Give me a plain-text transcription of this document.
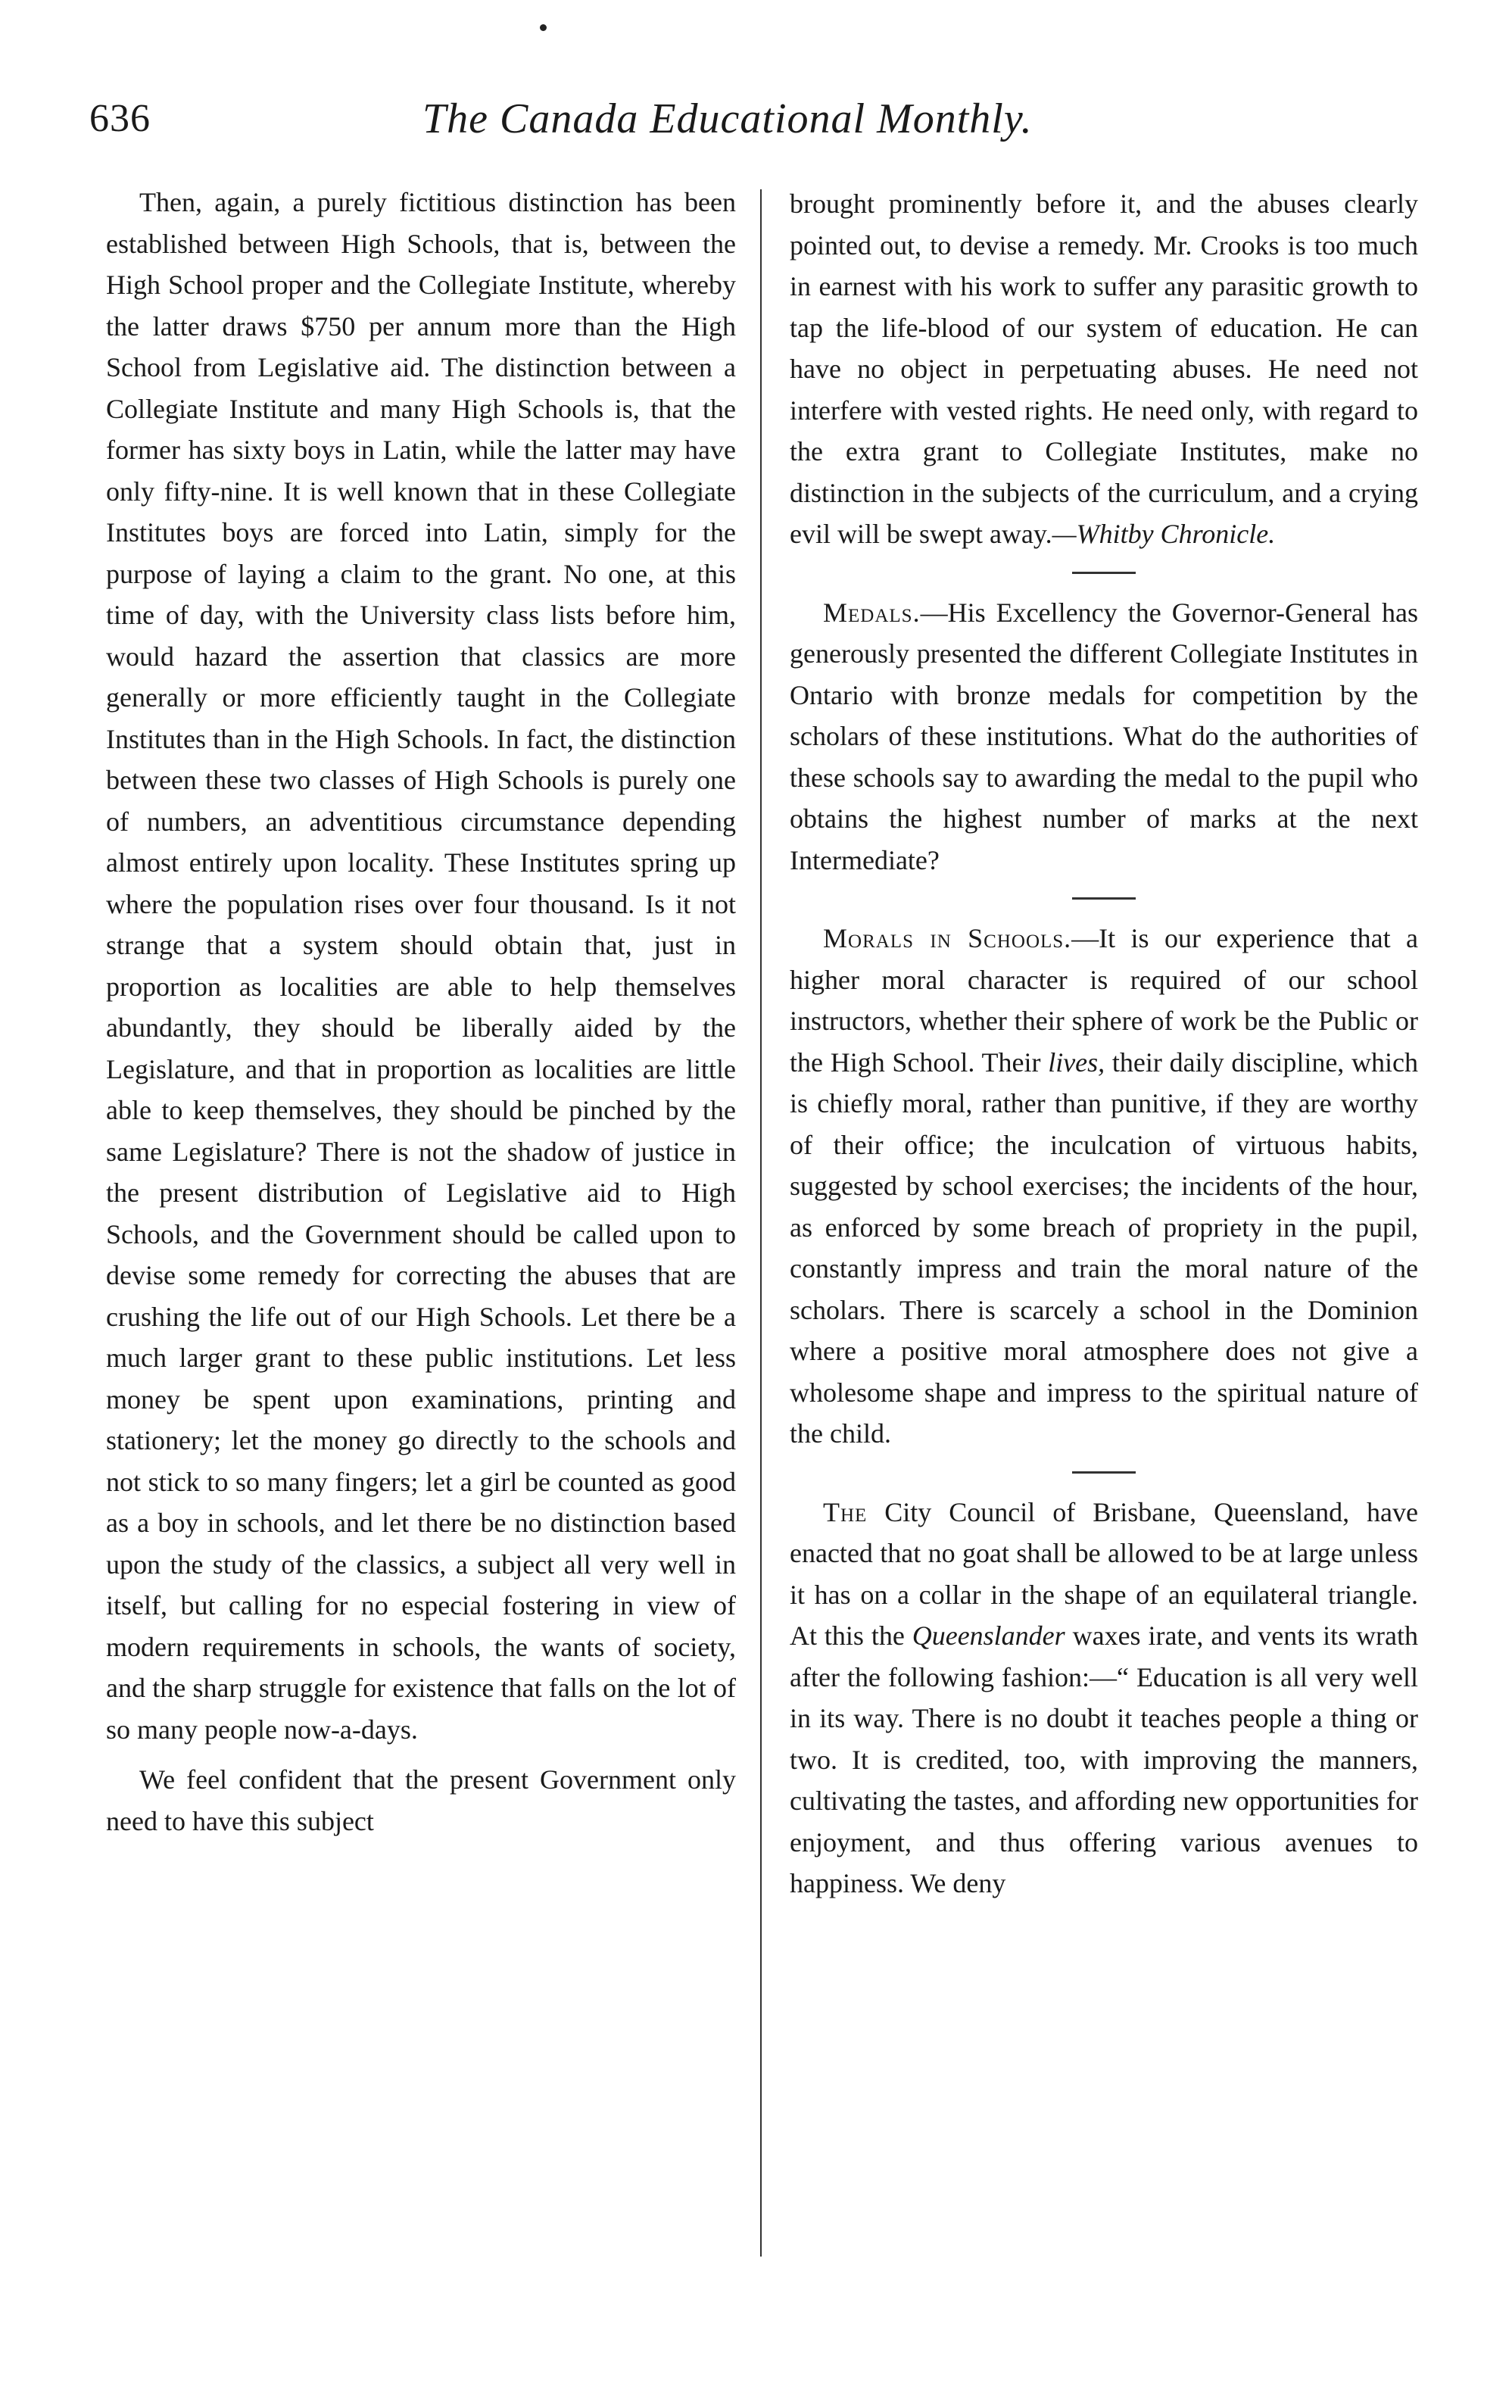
636	The Canada Educational Monthly.

Then, again, a purely fictitious distinction has been established between High Schools, that is, between the High School proper and the Collegiate Institute, whereby the latter draws $750 per annum more than the High School from Legislative aid. The distinction between a Collegiate Institute and many High Schools is, that the former has sixty boys in Latin, while the latter may have only fifty-nine. It is well known that in these Collegiate Institutes boys are forced into Latin, simply for the purpose of laying a claim to the grant. No one, at this time of day, with the University class lists before him, would hazard the assertion that classics are more generally or more efficiently taught in the Collegiate Institutes than in the High Schools. In fact, the distinction between these two classes of High Schools is purely one of numbers, an adventitious circumstance depending almost entirely upon locality. These Institutes spring up where the population rises over four thousand. Is it not strange that a system should obtain that, just in proportion as localities are able to help themselves abundantly, they should be liberally aided by the Legislature, and that in proportion as localities are little able to keep themselves, they should be pinched by the same Legislature? There is not the shadow of justice in the present distribution of Legislative aid to High Schools, and the Government should be called upon to devise some remedy for correcting the abuses that are crushing the life out of our High Schools. Let there be a much larger grant to these public institutions. Let less money be spent upon examinations, printing and stationery; let the money go directly to the schools and not stick to so many fingers; let a girl be counted as good as a boy in schools, and let there be no distinction based upon the study of the classics, a subject all very well in itself, but calling for no especial fostering in view of modern requirements in schools, the wants of society, and the sharp struggle for existence that falls on the lot of so many people now-a-days.

We feel confident that the present Government only need to have this subject

brought prominently before it, and the abuses clearly pointed out, to devise a remedy. Mr. Crooks is too much in earnest with his work to suffer any parasitic growth to tap the life-blood of our system of education. He can have no object in perpetuating abuses. He need not interfere with vested rights. He need only, with regard to the extra grant to Collegiate Institutes, make no distinction in the subjects of the curriculum, and a crying evil will be swept away.—Whitby Chronicle.

Medals.—His Excellency the Governor-General has generously presented the different Collegiate Institutes in Ontario with bronze medals for competition by the scholars of these institutions. What do the authorities of these schools say to awarding the medal to the pupil who obtains the highest number of marks at the next Intermediate?

Morals in Schools.—It is our experience that a higher moral character is required of our school instructors, whether their sphere of work be the Public or the High School. Their lives, their daily discipline, which is chiefly moral, rather than punitive, if they are worthy of their office; the inculcation of virtuous habits, suggested by school exercises; the incidents of the hour, as enforced by some breach of propriety in the pupil, constantly impress and train the moral nature of the scholars. There is scarcely a school in the Dominion where a positive moral atmosphere does not give a wholesome shape and impress to the spiritual nature of the child.

The City Council of Brisbane, Queensland, have enacted that no goat shall be allowed to be at large unless it has on a collar in the shape of an equilateral triangle. At this the Queenslander waxes irate, and vents its wrath after the following fashion:—“ Education is all very well in its way. There is no doubt it teaches people a thing or two. It is credited, too, with improving the manners, cultivating the tastes, and affording new opportunities for enjoyment, and thus offering various avenues to happiness. We deny
